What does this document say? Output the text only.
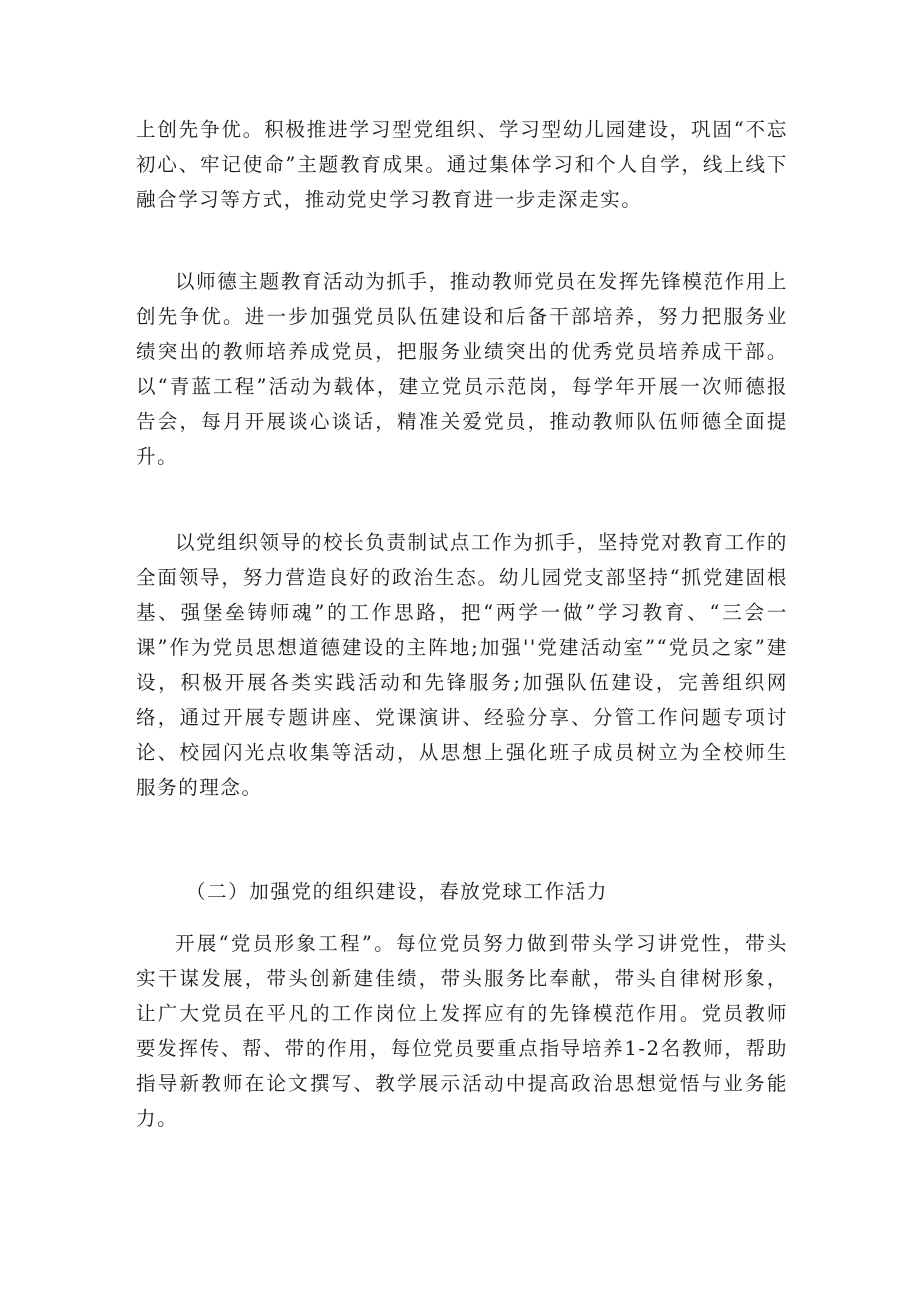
上创先争优。积极推进学习型党组织、学习型幼儿园建设，巩固“不忘初心、牢记使命”主题教育成果。通过集体学习和个人自学，线上线下融合学习等方式，推动党史学习教育进一步走深走实。

以师德主题教育活动为抓手，推动教师党员在发挥先锋模范作用上创先争优。进一步加强党员队伍建设和后备干部培养，努力把服务业绩突出的教师培养成党员，把服务业绩突出的优秀党员培养成干部。以“青蓝工程”活动为载体，建立党员示范岗，每学年开展一次师德报告会，每月开展谈心谈话，精准关爱党员，推动教师队伍师德全面提升。

以党组织领导的校长负责制试点工作为抓手，坚持党对教育工作的全面领导，努力营造良好的政治生态。幼儿园党支部坚持“抓党建固根基、强堡垒铸师魂”的工作思路，把“两学一做”学习教育、“三会一课”作为党员思想道德建设的主阵地;加强''党建活动室”“党员之家”建设，积极开展各类实践活动和先锋服务;加强队伍建设，完善组织网络，通过开展专题讲座、党课演讲、经验分享、分管工作问题专项讨论、校园闪光点收集等活动，从思想上强化班子成员树立为全校师生服务的理念。

（二）加强党的组织建设，春放党球工作活力

开展“党员形象工程”。每位党员努力做到带头学习讲党性，带头实干谋发展，带头创新建佳绩，带头服务比奉献，带头自律树形象，让广大党员在平凡的工作岗位上发挥应有的先锋模范作用。党员教师要发挥传、帮、带的作用，每位党员要重点指导培养1-2名教师，帮助指导新教师在论文撰写、教学展示活动中提高政治思想觉悟与业务能力。
